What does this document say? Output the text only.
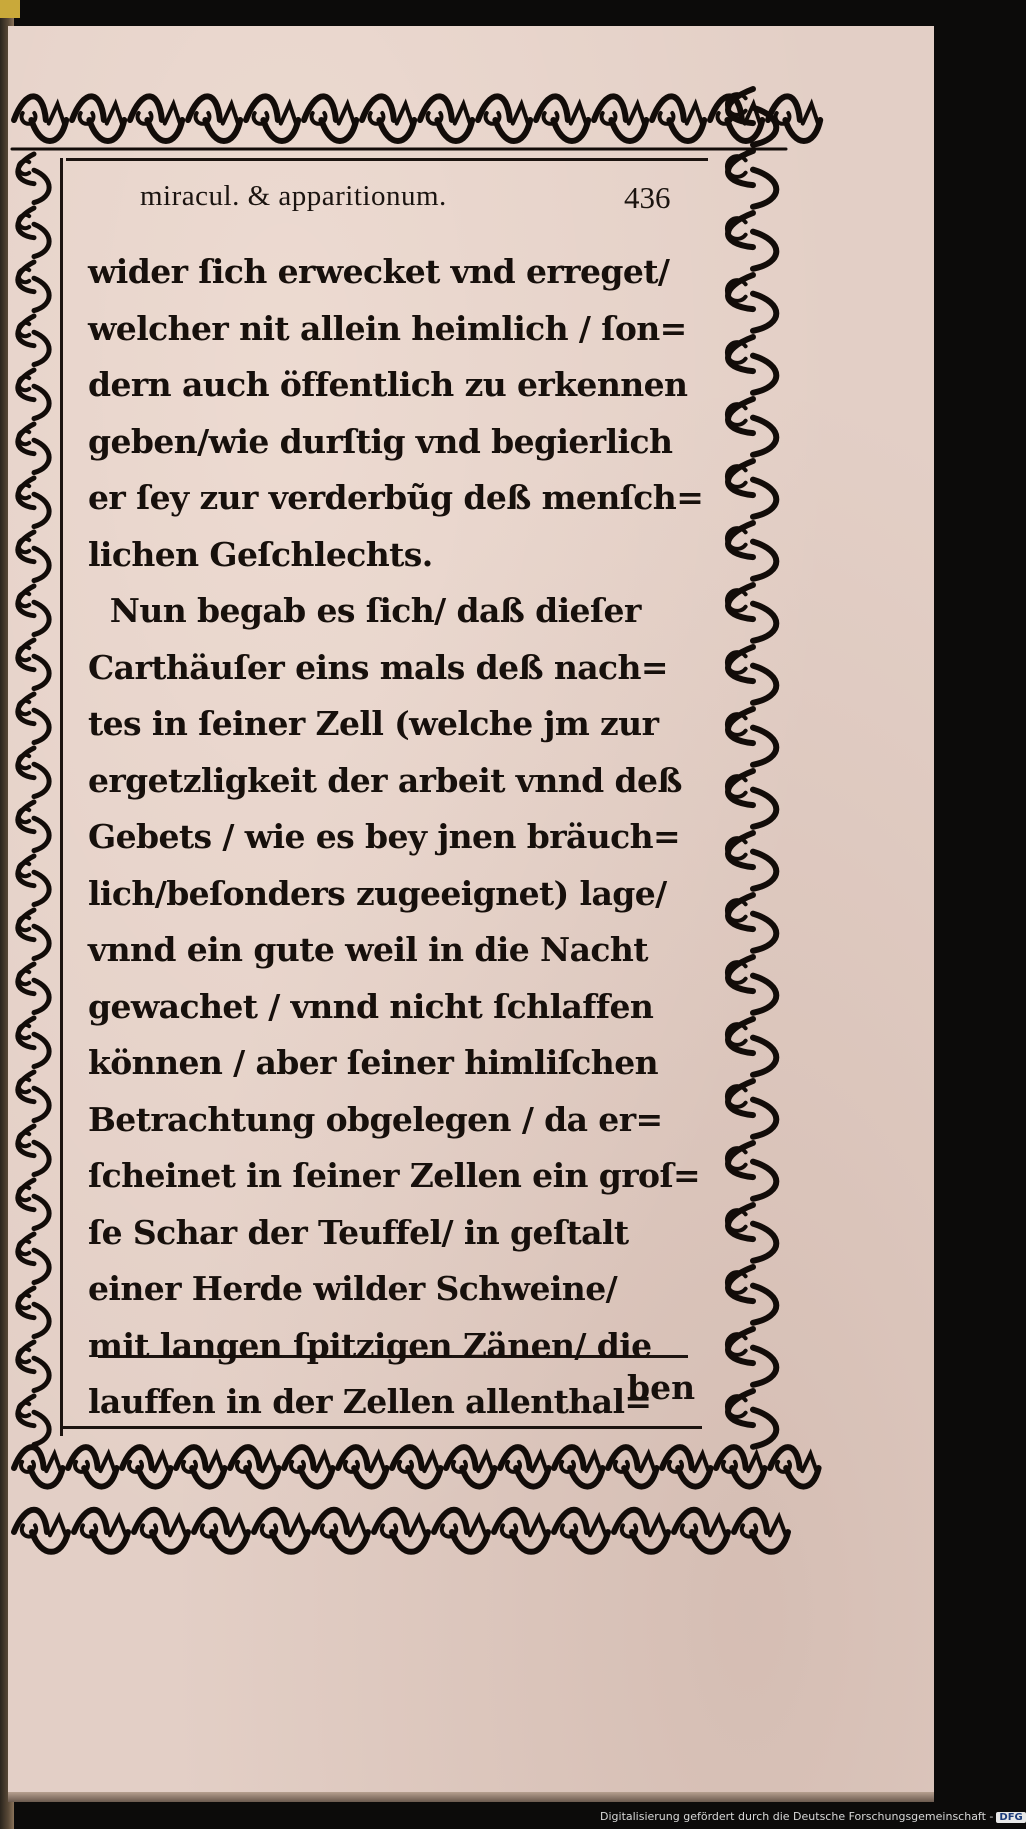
miracul. & apparitionum.	436
wider ſich erwecket vnd erreget/
welcher nit allein heimlich / ſon=
dern auch öffentlich zu erkennen
geben/wie durſtig vnd begierlich
er ſey zur verderbũg deß menſch=
lichen Geſchlechts.
Nun begab es ſich/ daß dieſer
Carthäuſer eins mals deß nach=
tes in ſeiner Zell (welche jm zur
ergetzligkeit der arbeit vnnd deß
Gebets / wie es bey jnen bräuch=
lich/beſonders zugeeignet) lage/
vnnd ein gute weil in die Nacht
gewachet / vnnd nicht ſchlaffen
können / aber ſeiner himliſchen
Betrachtung obgelegen / da er=
ſcheinet in ſeiner Zellen ein groſ=
ſe Schar der Teuffel/ in geſtalt
einer Herde wilder Schweine/
mit langen ſpitzigen Zänen/ die
lauffen in der Zellen allenthal=
ben
Digitalisierung gefördert durch die Deutsche Forschungsgemeinschaft - DFG
